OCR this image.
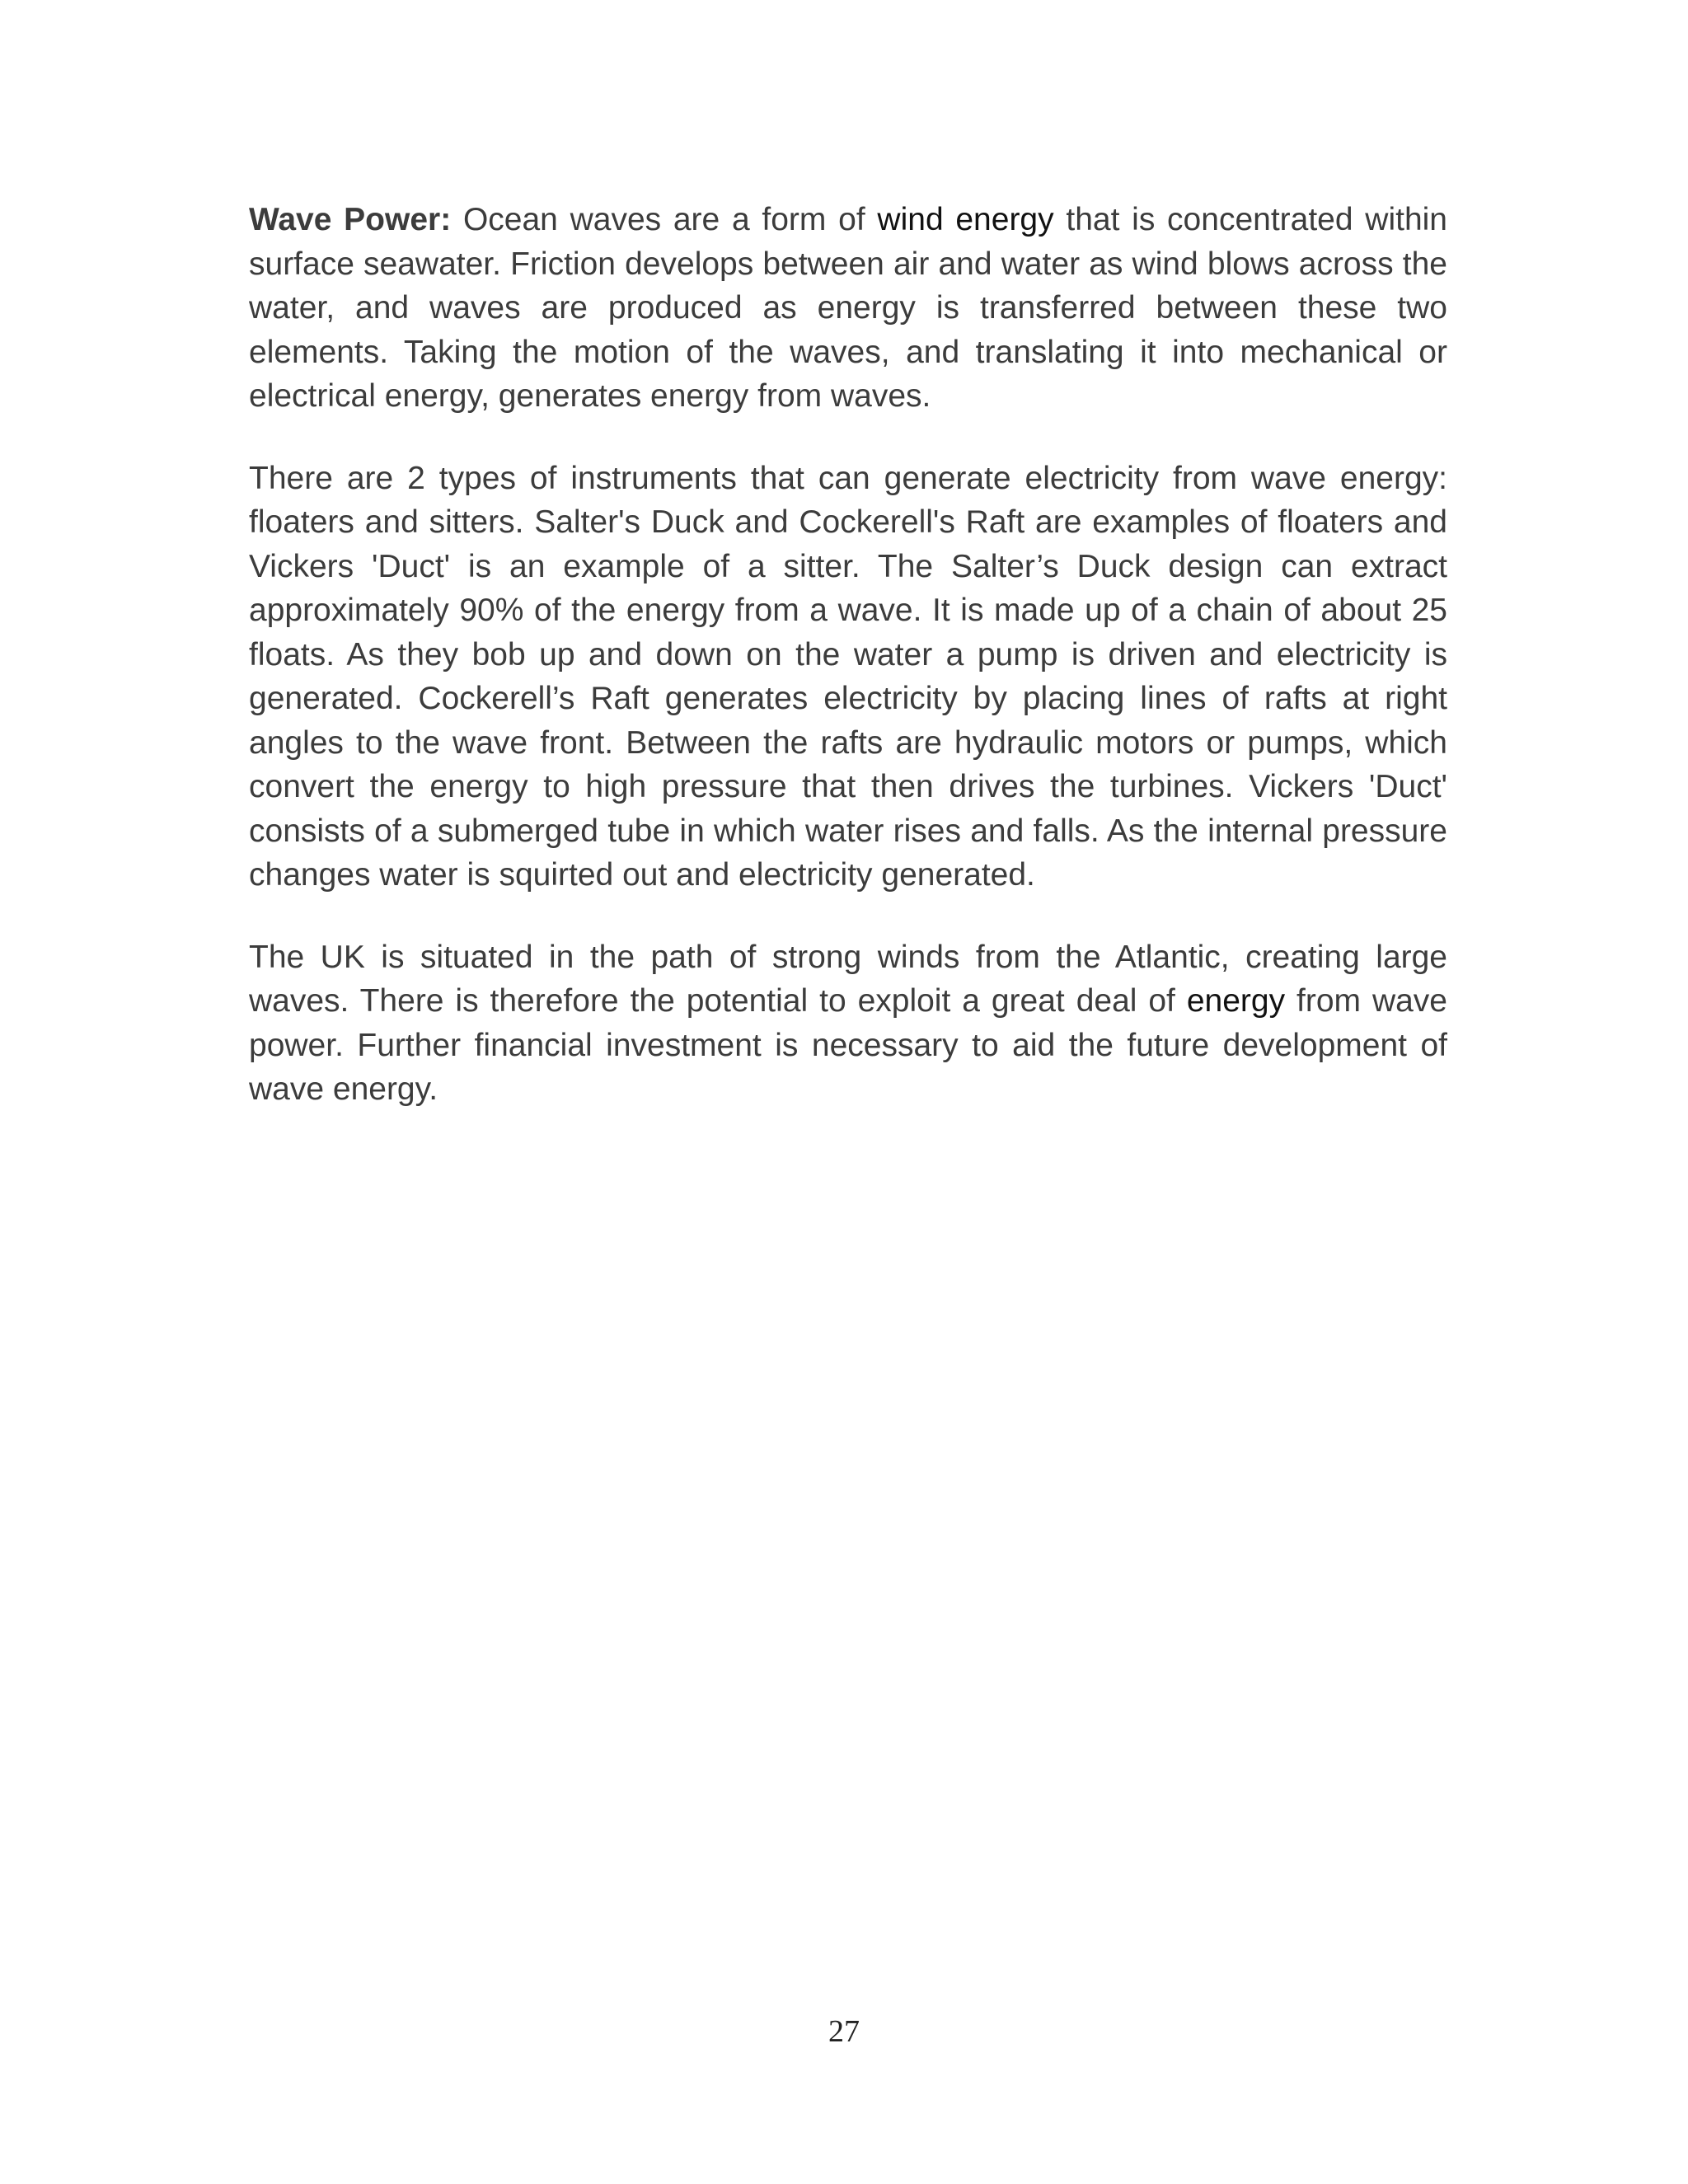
Wave Power: Ocean waves are a form of wind energy that is concentrated within surface seawater. Friction develops between air and water as wind blows across the water, and waves are produced as energy is transferred between these two elements. Taking the motion of the waves, and translating it into mechanical or electrical energy, generates energy from waves.

There are 2 types of instruments that can generate electricity from wave energy: floaters and sitters. Salter's Duck and Cockerell's Raft are examples of floaters and Vickers 'Duct' is an example of a sitter. The Salter’s Duck design can extract approximately 90% of the energy from a wave. It is made up of a chain of about 25 floats. As they bob up and down on the water a pump is driven and electricity is generated. Cockerell’s Raft generates electricity by placing lines of rafts at right angles to the wave front. Between the rafts are hydraulic motors or pumps, which convert the energy to high pressure that then drives the turbines. Vickers 'Duct' consists of a submerged tube in which water rises and falls. As the internal pressure changes water is squirted out and electricity generated.

The UK is situated in the path of strong winds from the Atlantic, creating large waves. There is therefore the potential to exploit a great deal of energy from wave power. Further financial investment is necessary to aid the future development of wave energy.

27
